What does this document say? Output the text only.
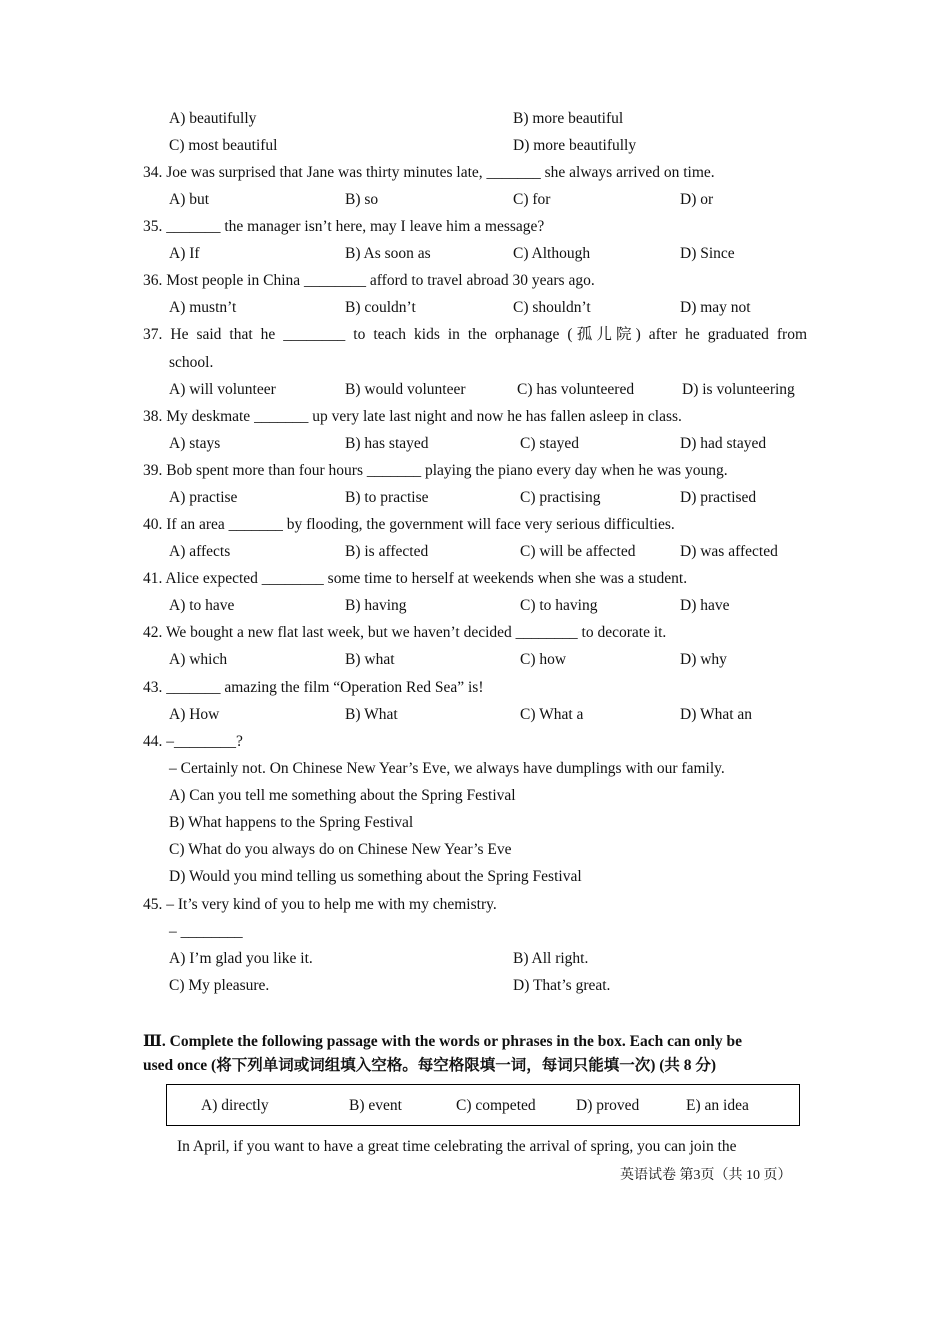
A) beautifully	B) more beautiful
C) most beautiful	D) more beautifully
34. Joe was surprised that Jane was thirty minutes late, _______ she always arrived on time.
A) but	B) so	C) for	D) or
35. _______ the manager isn’t here, may I leave him a message?
A) If	B) As soon as	C) Although	D) Since
36. Most people in China ________ afford to travel abroad 30 years ago.
A) mustn’t	B) couldn’t	C) shouldn’t	D) may not
37. He said that he ________ to teach kids in the orphanage (孤儿院) after he graduated from
school.
A) will volunteer	B) would volunteer	C) has volunteered	D) is volunteering
38. My deskmate _______ up very late last night and now he has fallen asleep in class.
A) stays	B) has stayed	C) stayed	D) had stayed
39. Bob spent more than four hours _______ playing the piano every day when he was young.
A) practise	B) to practise	C) practising	D) practised
40. If an area _______ by flooding, the government will face very serious difficulties.
A) affects	B) is affected	C) will be affected	D) was affected
41. Alice expected ________ some time to herself at weekends when she was a student.
A) to have	B) having	C) to having	D) have
42. We bought a new flat last week, but we haven’t decided ________ to decorate it.
A) which	B) what	C) how	D) why
43. _______ amazing the film “Operation Red Sea” is!
A) How	B) What	C) What a	D) What an
44. –________?
– Certainly not. On Chinese New Year’s Eve, we always have dumplings with our family.
A) Can you tell me something about the Spring Festival
B) What happens to the Spring Festival
C) What do you always do on Chinese New Year’s Eve
D) Would you mind telling us something about the Spring Festival
45. – It’s very kind of you to help me with my chemistry.
– ________
A) I’m glad you like it.	B) All right.
C) My pleasure.	D) That’s great.
Ⅲ. Complete the following passage with the words or phrases in the box. Each can only be
used once (将下列单词或词组填入空格。每空格限填一词，每词只能填一次) (共 8 分)
A) directly	B) event	C) competed	D) proved	E) an idea
In April, if you want to have a great time celebrating the arrival of spring, you can join the
英语试卷 第3页（共 10 页）
